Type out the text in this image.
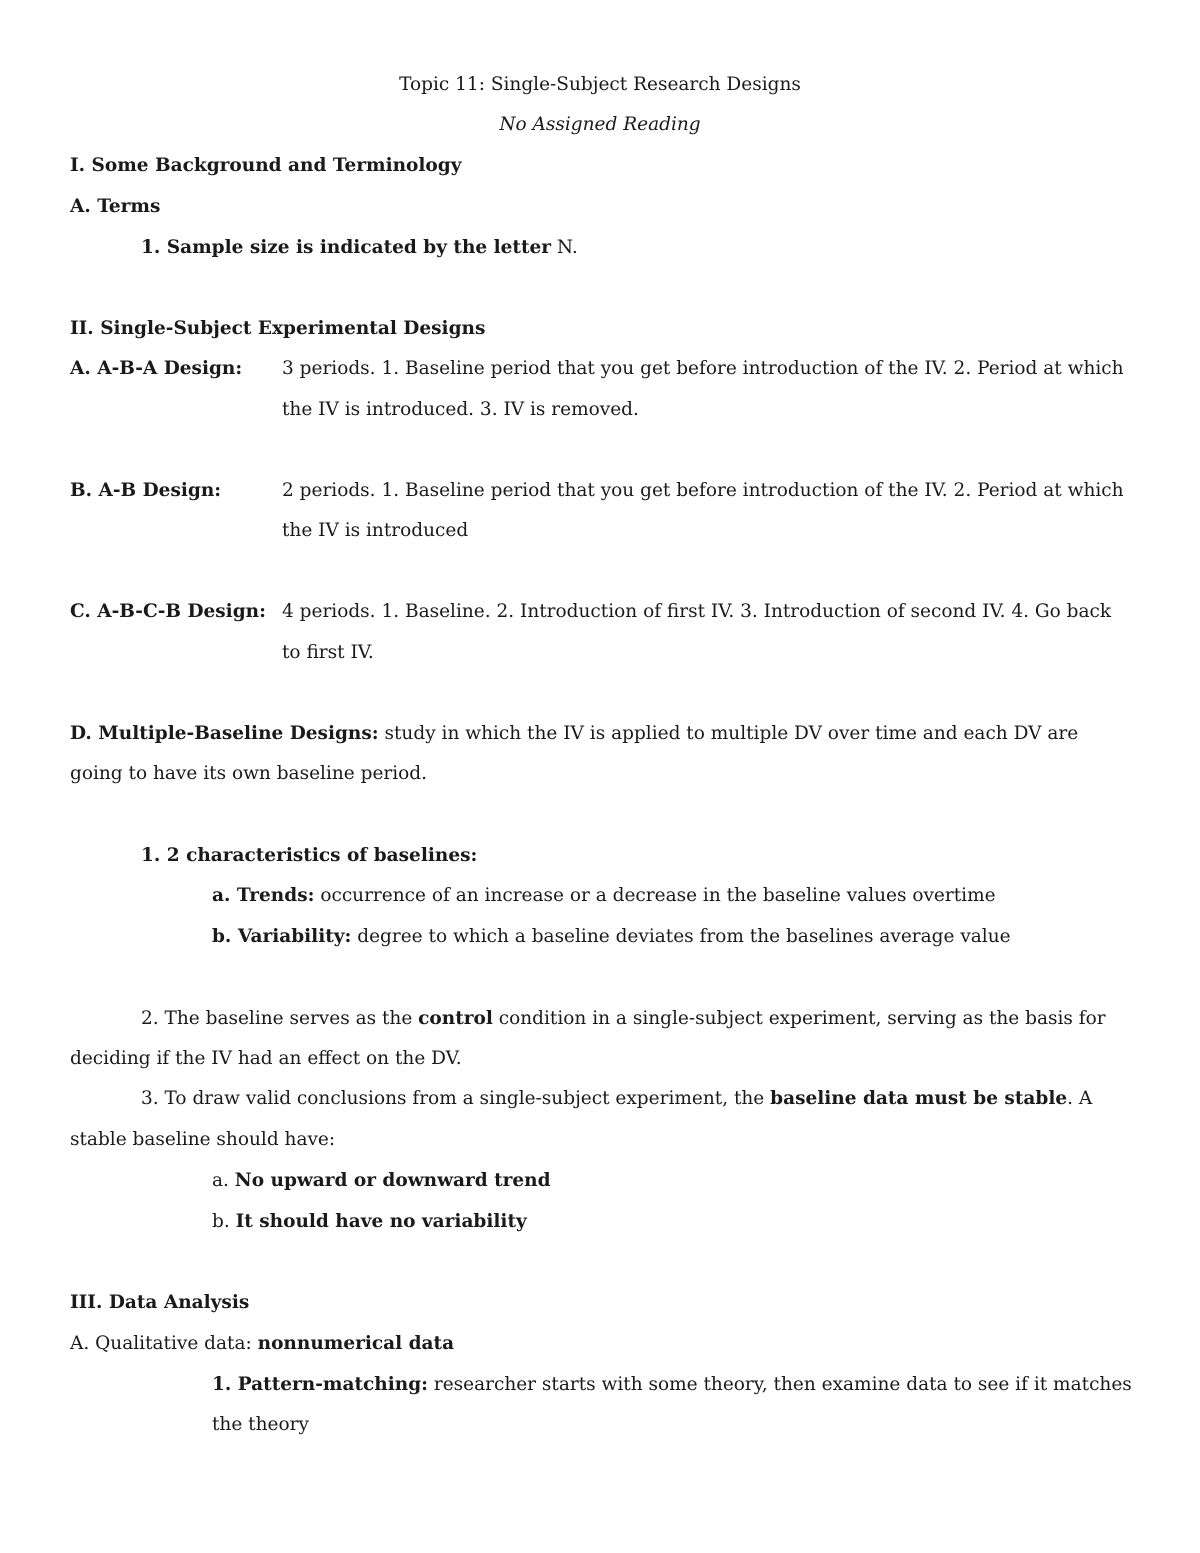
Topic 11: Single-Subject Research Designs
No Assigned Reading
I. Some Background and Terminology
A. Terms
1. Sample size is indicated by the letter N.
II. Single-Subject Experimental Designs
A. A-B-A Design: 3 periods. 1. Baseline period that you get before introduction of the IV. 2. Period at which
the IV is introduced. 3. IV is removed.
B. A-B Design:	2 periods. 1. Baseline period that you get before introduction of the IV. 2. Period at which
the IV is introduced
C. A-B-C-B Design: 4 periods. 1. Baseline. 2. Introduction of first IV. 3. Introduction of second IV. 4. Go back
to first IV.
D. Multiple-Baseline Designs: study in which the IV is applied to multiple DV over time and each DV are
going to have its own baseline period.
1. 2 characteristics of baselines:
a. Trends: occurrence of an increase or a decrease in the baseline values overtime
b. Variability: degree to which a baseline deviates from the baselines average value
2. The baseline serves as the control condition in a single-subject experiment, serving as the basis for
deciding if the IV had an effect on the DV.
3. To draw valid conclusions from a single-subject experiment, the baseline data must be stable. A
stable baseline should have:
a. No upward or downward trend
b. It should have no variability
III. Data Analysis
A. Qualitative data: nonnumerical data
1. Pattern-matching: researcher starts with some theory, then examine data to see if it matches
the theory
